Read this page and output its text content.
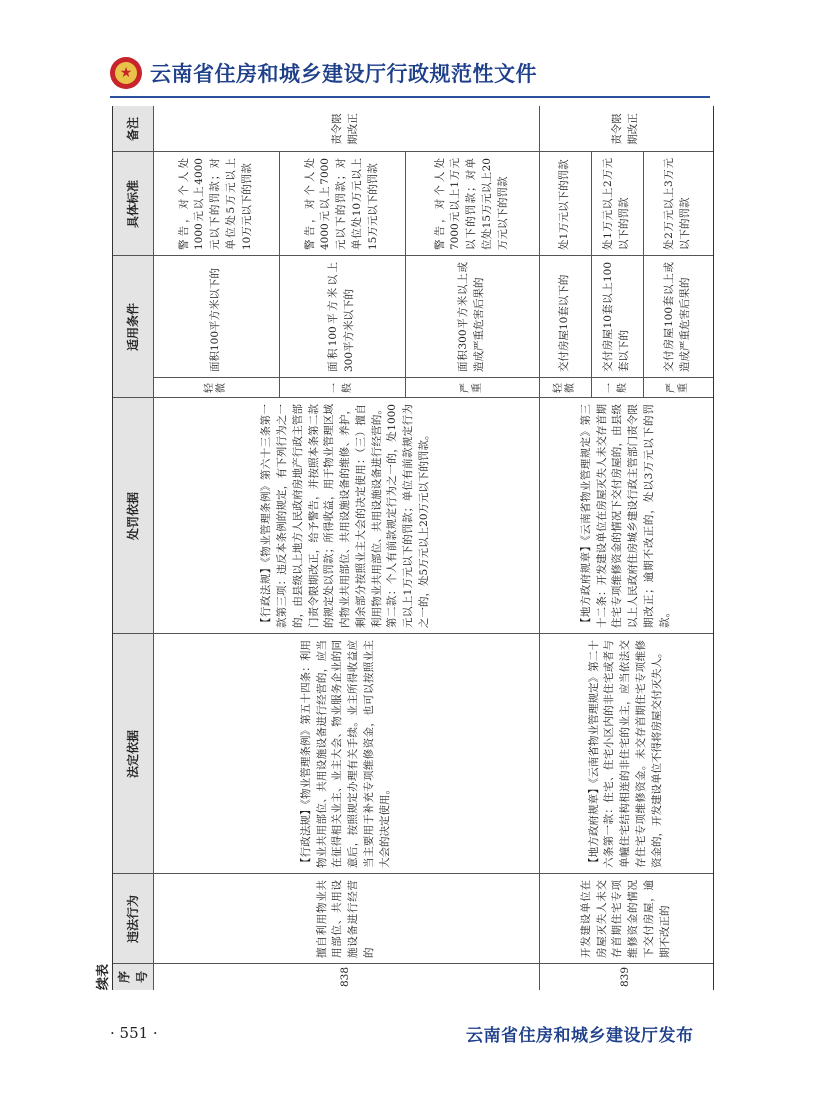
★
云南省住房和城乡建设厅行政规范性文件
续表 序号
违法行为
法定依据
处罚依据
适用条件
具体标准
备注
838
擅自利用物业共用部位、共用设施设备进行经营的
【行政法规】《物业管理条例》第五十四条：利用物业共用部位、共用设施设备进行经营的，应当在征得相关业主、业主大会、物业服务企业的同意后，按照规定办理有关手续。业主所得收益应当主要用于补充专项维修资金，也可以按照业主大会的决定使用。
【行政法规】《物业管理条例》第六十三条第一款第三项：违反本条例的规定，有下列行为之一的，由县级以上地方人民政府房地产行政主管部门责令限期改正，给予警告，并按照本条第二款的规定处以罚款；所得收益，用于物业管理区域内物业共用部位、共用设施设备的维修、养护，剩余部分按照业主大会的决定使用：（三）擅自利用物业共用部位、共用设施设备进行经营的。第二款：个人有前款规定行为之一的，处1000元以上1万元以下的罚款；单位有前款规定行为之一的，处5万元以上20万元以下的罚款。
轻微
面积100平方米以下的
警告，对个人处1000元以上4000元以下的罚款；对单位处5万元以上10万元以下的罚款
一般
面积100平方米以上300平方米以下的
警告，对个人处4000元以上7000元以下的罚款；对单位处10万元以上15万元以下的罚款
严重
面积300平方米以上或造成严重危害后果的
警告，对个人处7000元以上1万元以下的罚款；对单位处15万元以上20万元以下的罚款
责令限期改正
839
开发建设单位在房屋灭失人未交存首期住宅专项维修资金的情况下交付房屋，逾期不改正的
【地方政府规章】《云南省物业管理规定》第二十六条第一款：住宅、住宅小区内的非住宅或者与单幢住宅结构相连的非住宅的业主，应当依法交存住宅专项维修资金。未交存首期住宅专项维修资金的，开发建设单位不得将房屋交付灭失人。
【地方政府规章】《云南省物业管理规定》第三十二条：开发建设单位在房屋灭失人未交存首期住宅专项维修资金的情况下交付房屋的，由县级以上人民政府住房城乡建设行政主管部门责令限期改正；逾期不改正的，处以3万元以下的罚款。
轻微
交付房屋10套以下的
处1万元以下的罚款
一般
交付房屋10套以上100套以下的
处1万元以上2万元以下的罚款
严重
交付房屋100套以上或造成严重危害后果的
处2万元以上3万元以下的罚款
责令限期改正
· 551 ·	云南省住房和城乡建设厅发布
